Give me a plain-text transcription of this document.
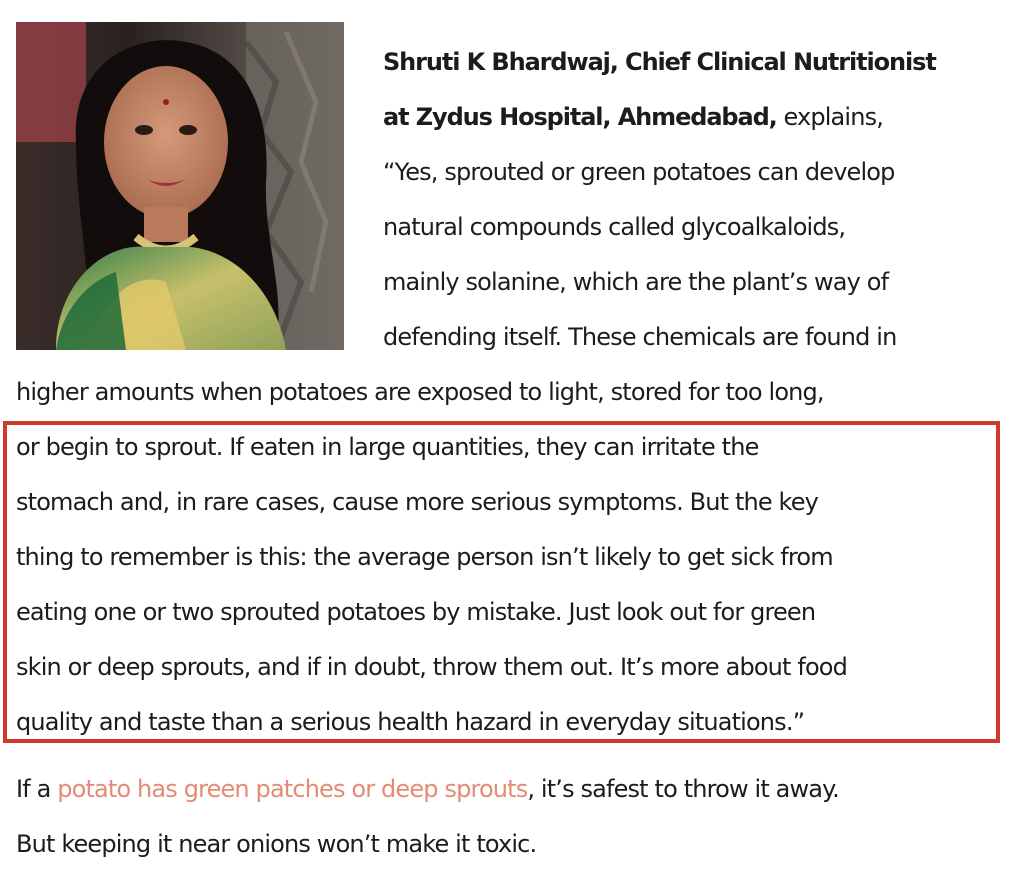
Shruti K Bhardwaj, Chief Clinical Nutritionist
at Zydus Hospital, Ahmedabad, explains,
“Yes, sprouted or green potatoes can develop
natural compounds called glycoalkaloids,
mainly solanine, which are the plant’s way of
defending itself. These chemicals are found in
higher amounts when potatoes are exposed to light, stored for too long,
or begin to sprout. If eaten in large quantities, they can irritate the
stomach and, in rare cases, cause more serious symptoms. But the key
thing to remember is this: the average person isn’t likely to get sick from
eating one or two sprouted potatoes by mistake. Just look out for green
skin or deep sprouts, and if in doubt, throw them out. It’s more about food
quality and taste than a serious health hazard in everyday situations.”
If a potato has green patches or deep sprouts, it’s safest to throw it away.
But keeping it near onions won’t make it toxic.
